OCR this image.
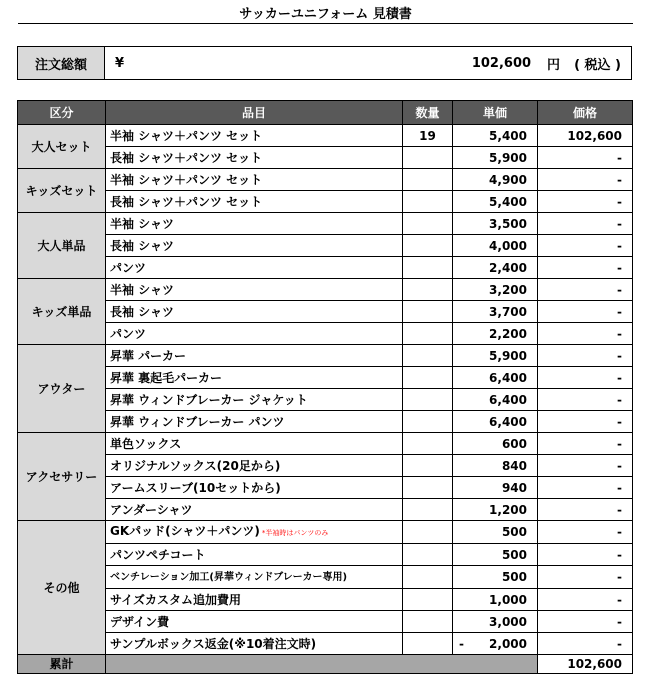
サッカーユニフォーム 見積書
注文総額	¥	102,600 円 ( 税込 )
区分	品目	数量	単価	価格
大人セット	半袖 シャツ＋パンツ セット	19	5,400	102,600
	長袖 シャツ＋パンツ セット		5,900	-
キッズセット	半袖 シャツ＋パンツ セット		4,900	-
	長袖 シャツ＋パンツ セット		5,400	-
大人単品	半袖 シャツ		3,500	-
	長袖 シャツ		4,000	-
	パンツ		2,400	-
キッズ単品	半袖 シャツ		3,200	-
	長袖 シャツ		3,700	-
	パンツ		2,200	-
アウター	昇華 パーカー		5,900	-
	昇華 裏起毛パーカー		6,400	-
	昇華 ウィンドブレーカー ジャケット		6,400	-
	昇華 ウィンドブレーカー パンツ		6,400	-
アクセサリー	単色ソックス		600	-
	オリジナルソックス(20足から)		840	-
	アームスリーブ(10セットから)		940	-
	アンダーシャツ		1,200	-
その他	GKパッド(シャツ＋パンツ) *半袖時はパンツのみ		500	-
	パンツペチコート		500	-
	ベンチレーション加工(昇華ウィンドブレーカー専用)		500	-
	サイズカスタム追加費用		1,000	-
	デザイン費		3,000	-
	サンプルボックス返金(※10着注文時)		- 2,000	-
累計				102,600
